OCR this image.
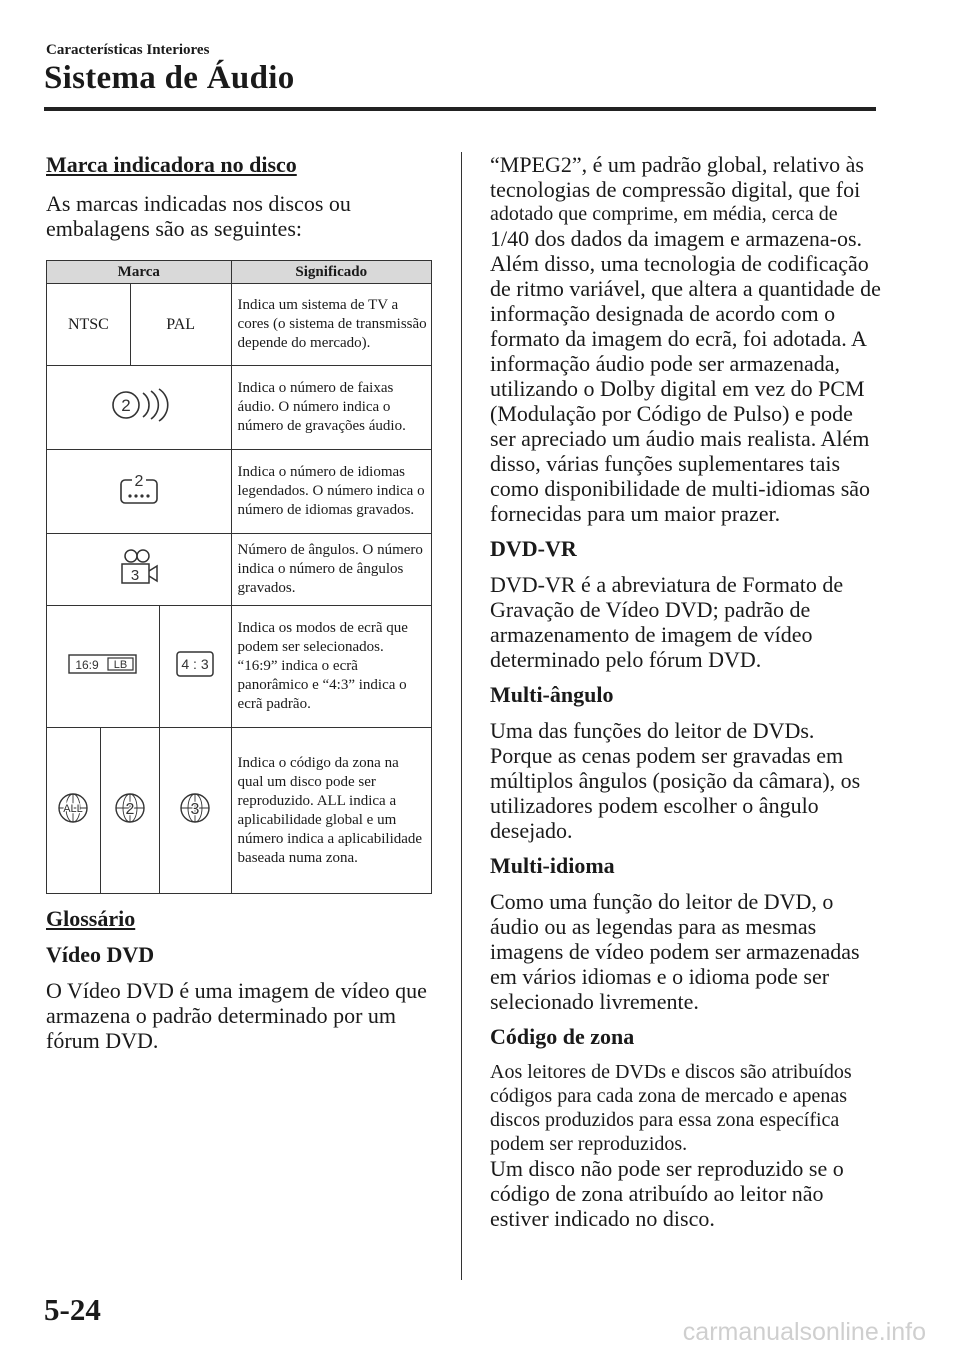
Características Interiores
Sistema de Áudio
Marca indicadora no disco

As marcas indicadas nos discos ou embalagens são as seguintes:

Marca				Significado
NTSC		PAL		Indica um sistema de TV a cores (o sistema de transmissão depende do mercado).

2				Indica o número de faixas áudio. O número indica o número de gravações áudio.

2				Indica o número de idiomas legendados. O número indica o número de idiomas gravados.

3				Número de ângulos. O número indica o número de ângulos gravados.

16:9 LB			4 : 3	Indica os modos de ecrã que podem ser selecionados. “16:9” indica o ecrã panorâmico e “4:3” indica o ecrã padrão.

ALL	2		3	Indica o código da zona na qual um disco pode ser reproduzido. ALL indica a aplicabilidade global e um número indica a aplicabilidade baseada numa zona.
Glossário
Vídeo DVD

O Vídeo DVD é uma imagem de vídeo que armazena o padrão determinado por um fórum DVD.

“MPEG2”, é um padrão global, relativo às tecnologias de compressão digital, que foi

adotado que comprime, em média, cerca de

1/40 dos dados da imagem e armazena-os. Além disso, uma tecnologia de codificação de ritmo variável, que altera a quantidade de informação designada de acordo com o formato da imagem do ecrã, foi adotada. A informação áudio pode ser armazenada, utilizando o Dolby digital em vez do PCM (Modulação por Código de Pulso) e pode ser apreciado um áudio mais realista. Além disso, várias funções suplementares tais como disponibilidade de multi-idiomas são fornecidas para um maior prazer.

DVD-VR

DVD-VR é a abreviatura de Formato de Gravação de Vídeo DVD; padrão de armazenamento de imagem de vídeo determinado pelo fórum DVD.

Multi-ângulo

Uma das funções do leitor de DVDs. Porque as cenas podem ser gravadas em múltiplos ângulos (posição da câmara), os utilizadores podem escolher o ângulo desejado.

Multi-idioma

Como uma função do leitor de DVD, o áudio ou as legendas para as mesmas imagens de vídeo podem ser armazenadas em vários idiomas e o idioma pode ser selecionado livremente.

Código de zona

Aos leitores de DVDs e discos são atribuídos códigos para cada zona de mercado e apenas discos produzidos para essa zona específica podem ser reproduzidos.

Um disco não pode ser reproduzido se o código de zona atribuído ao leitor não estiver indicado no disco.

5-24
carmanualsonline.info
